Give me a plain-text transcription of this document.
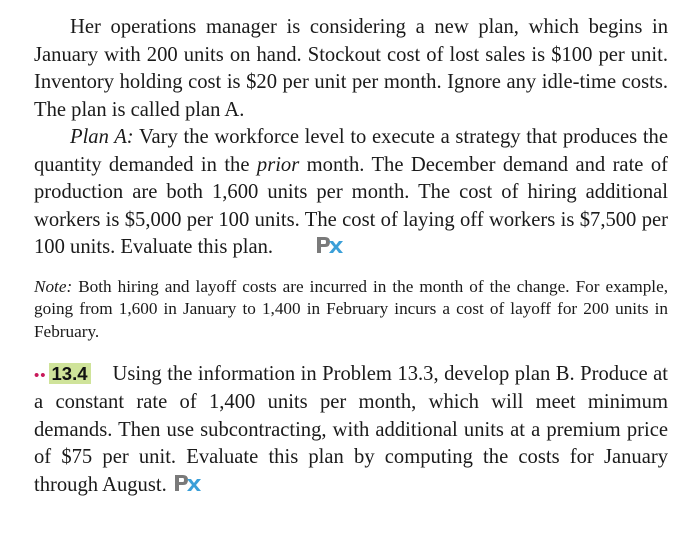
Her operations manager is considering a new plan, which begins in January with 200 units on hand. Stockout cost of lost sales is $100 per unit. Inventory holding cost is $20 per unit per month. Ignore any idle-time costs. The plan is called plan A.

Plan A: Vary the workforce level to execute a strategy that produces the quantity demanded in the prior month. The December demand and rate of production are both 1,600 units per month. The cost of hiring additional workers is $5,000 per 100 units. The cost of laying off workers is $7,500 per 100 units. Evaluate this plan.

Note: Both hiring and layoff costs are incurred in the month of the change. For example, going from 1,600 in January to 1,400 in February incurs a cost of layoff for 200 units in February.

•• 13.4 Using the information in Problem 13.3, develop plan B. Produce at a constant rate of 1,400 units per month, which will meet minimum demands. Then use subcontracting, with additional units at a premium price of $75 per unit. Evaluate this plan by computing the costs for January through August.
